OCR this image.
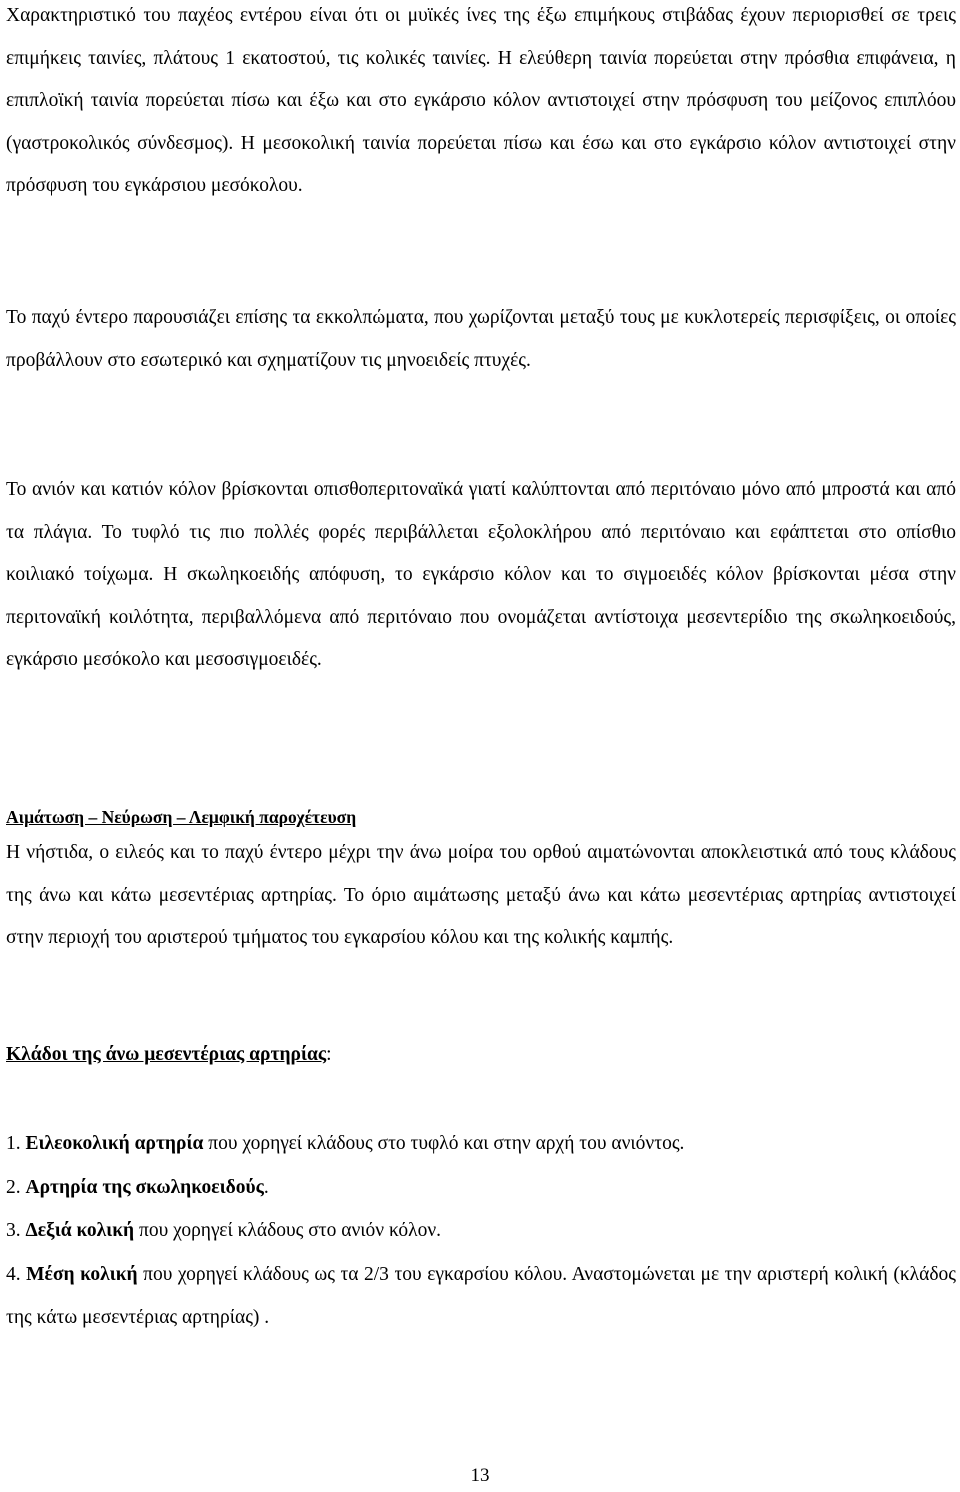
Χαρακτηριστικό του παχέος εντέρου είναι ότι οι μυϊκές ίνες της έξω επιμήκους στιβάδας έχουν περιορισθεί σε τρεις επιμήκεις ταινίες, πλάτους 1 εκατοστού, τις κολικές ταινίες. Η ελεύθερη ταινία πορεύεται στην πρόσθια επιφάνεια, η επιπλοϊκή ταινία πορεύεται πίσω και έξω και στο εγκάρσιο κόλον αντιστοιχεί στην πρόσφυση του μείζονος επιπλόου (γαστροκολικός σύνδεσμος). Η μεσοκολική ταινία πορεύεται πίσω και έσω και στο εγκάρσιο κόλον αντιστοιχεί στην πρόσφυση του εγκάρσιου μεσόκολου.

Το παχύ έντερο παρουσιάζει επίσης τα εκκολπώματα, που χωρίζονται μεταξύ τους με κυκλοτερείς περισφίξεις, οι οποίες προβάλλουν στο εσωτερικό και σχηματίζουν τις μηνοειδείς πτυχές.

Το ανιόν και κατιόν κόλον βρίσκονται οπισθοπεριτοναϊκά γιατί καλύπτονται από περιτόναιο μόνο από μπροστά και από τα πλάγια. Το τυφλό τις πιο πολλές φορές περιβάλλεται εξολοκλήρου από περιτόναιο και εφάπτεται στο οπίσθιο κοιλιακό τοίχωμα. Η σκωληκοειδής απόφυση, το εγκάρσιο κόλον και το σιγμοειδές κόλον βρίσκονται μέσα στην περιτοναϊκή κοιλότητα, περιβαλλόμενα από περιτόναιο που ονομάζεται αντίστοιχα μεσεντερίδιο της σκωληκοειδούς, εγκάρσιο μεσόκολο και μεσοσιγμοειδές.

Αιμάτωση – Νεύρωση – Λεμφική παροχέτευση

Η νήστιδα, ο ειλεός και το παχύ έντερο μέχρι την άνω μοίρα του ορθού αιματώνονται αποκλειστικά από τους κλάδους της άνω και κάτω μεσεντέριας αρτηρίας. Το όριο αιμάτωσης μεταξύ άνω και κάτω μεσεντέριας αρτηρίας αντιστοιχεί στην περιοχή του αριστερού τμήματος του εγκαρσίου κόλου και της κολικής καμπής.

Κλάδοι της άνω μεσεντέριας αρτηρίας:
1. Ειλεοκολική αρτηρία που χορηγεί κλάδους στο τυφλό και στην αρχή του ανιόντος.
2. Αρτηρία της σκωληκοειδούς.
3. Δεξιά κολική που χορηγεί κλάδους στο ανιόν κόλον.
4. Μέση κολική που χορηγεί κλάδους ως τα 2/3 του εγκαρσίου κόλου. Αναστομώνεται με την αριστερή κολική (κλάδος της κάτω μεσεντέριας αρτηρίας) .
13
